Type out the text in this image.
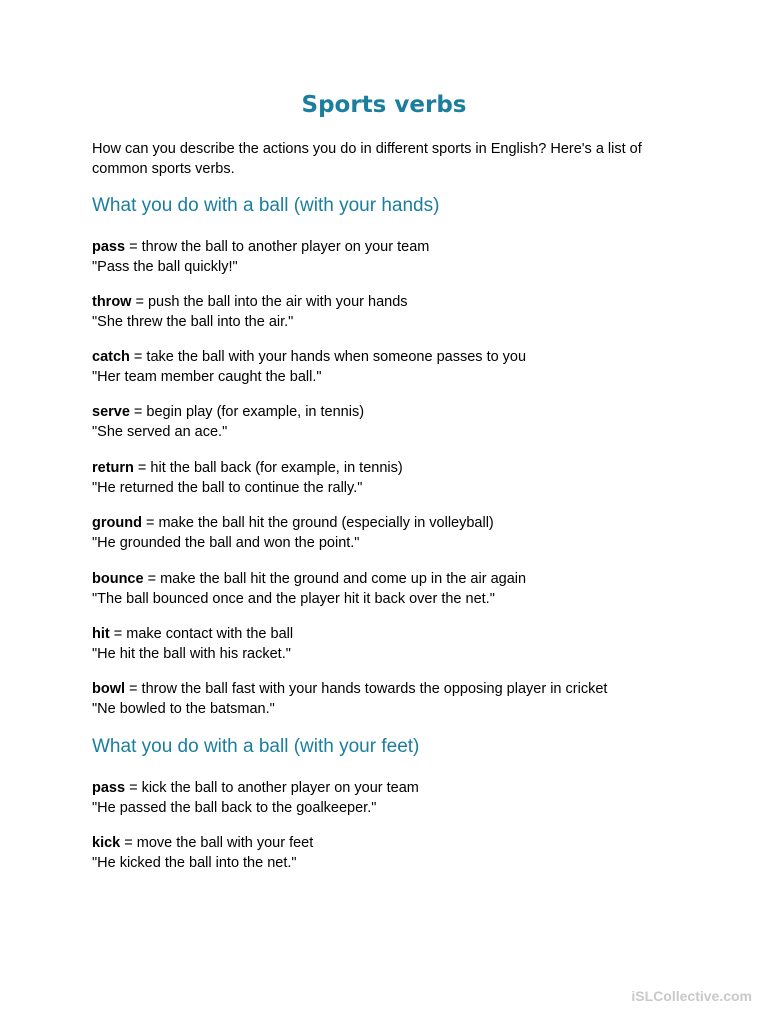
Sports verbs

How can you describe the actions you do in different sports in English? Here's a list of common sports verbs.

What you do with a ball (with your hands)
pass = throw the ball to another player on your team
"Pass the ball quickly!"
throw = push the ball into the air with your hands
"She threw the ball into the air."
catch = take the ball with your hands when someone passes to you
"Her team member caught the ball."
serve = begin play (for example, in tennis)
"She served an ace."
return = hit the ball back (for example, in tennis)
"He returned the ball to continue the rally."
ground = make the ball hit the ground (especially in volleyball)
"He grounded the ball and won the point."
bounce = make the ball hit the ground and come up in the air again
"The ball bounced once and the player hit it back over the net."
hit = make contact with the ball
"He hit the ball with his racket."
bowl = throw the ball fast with your hands towards the opposing player in cricket
"Ne bowled to the batsman."
What you do with a ball (with your feet)
pass = kick the ball to another player on your team
"He passed the ball back to the goalkeeper."
kick = move the ball with your feet
"He kicked the ball into the net."

iSLCollective.com
